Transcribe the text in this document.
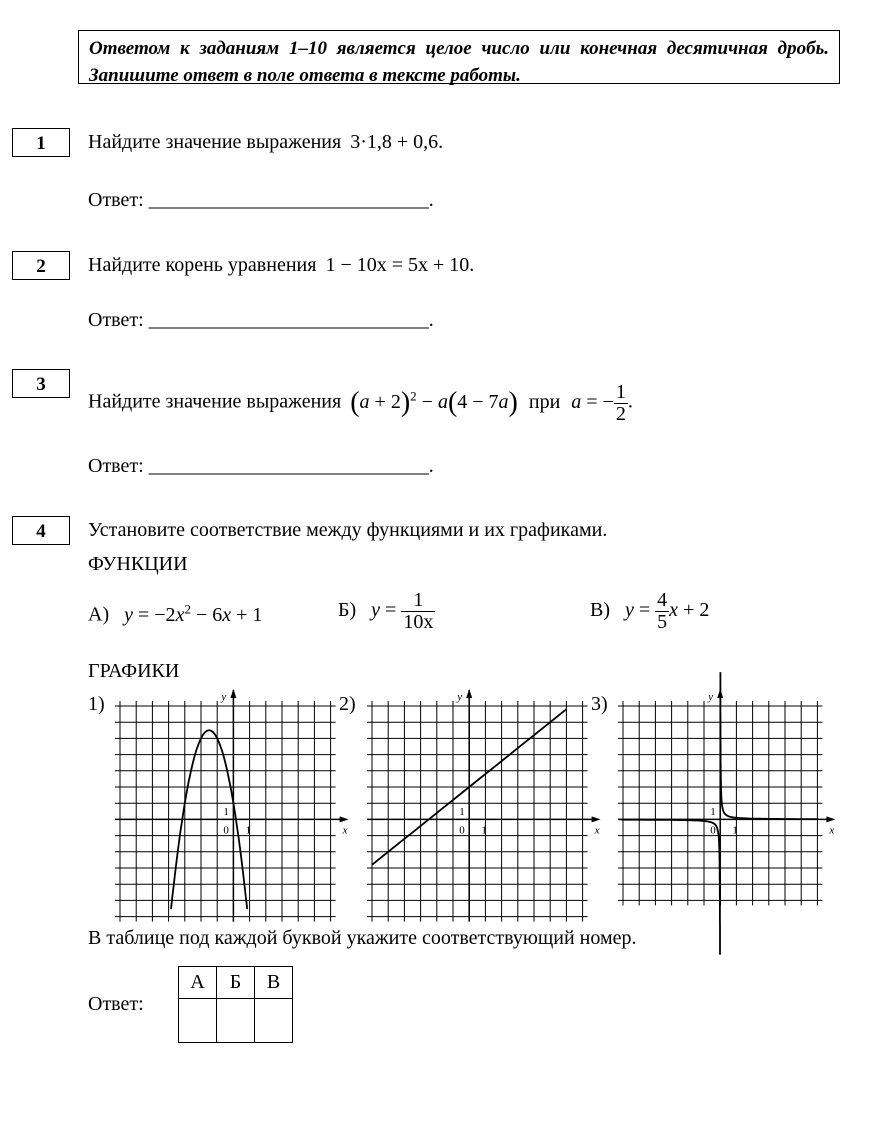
Ответом к заданиям 1–10 является целое число или конечная десятичная дробь. Запишите ответ в поле ответа в тексте работы.
1	Найдите значение выражения 3·1,8 + 0,6.
Ответ: ____________________________.
2	Найдите корень уравнения 1 − 10x = 5x + 10.
Ответ: ____________________________.
3
Найдите значение выражения $(a + 2)^2 - a(4 - 7a)$ при a = − $\frac{1}{2}$ .
Ответ: ____________________________.
4	Установите соответствие между функциями и их графиками.
ФУНКЦИИ
А) $y = -2x^2 - 6x + 1$	Б) $y = \frac{1}{10x}$	В) $y = \frac{4}{5}$ x + 2
ГРАФИКИ
1)	2)	3)
x
y
0 1
1
x
y
0 1
1
x
y
0 1
1
В таблице под каждой буквой укажите соответствующий номер.
Ответ:
А	Б	В
